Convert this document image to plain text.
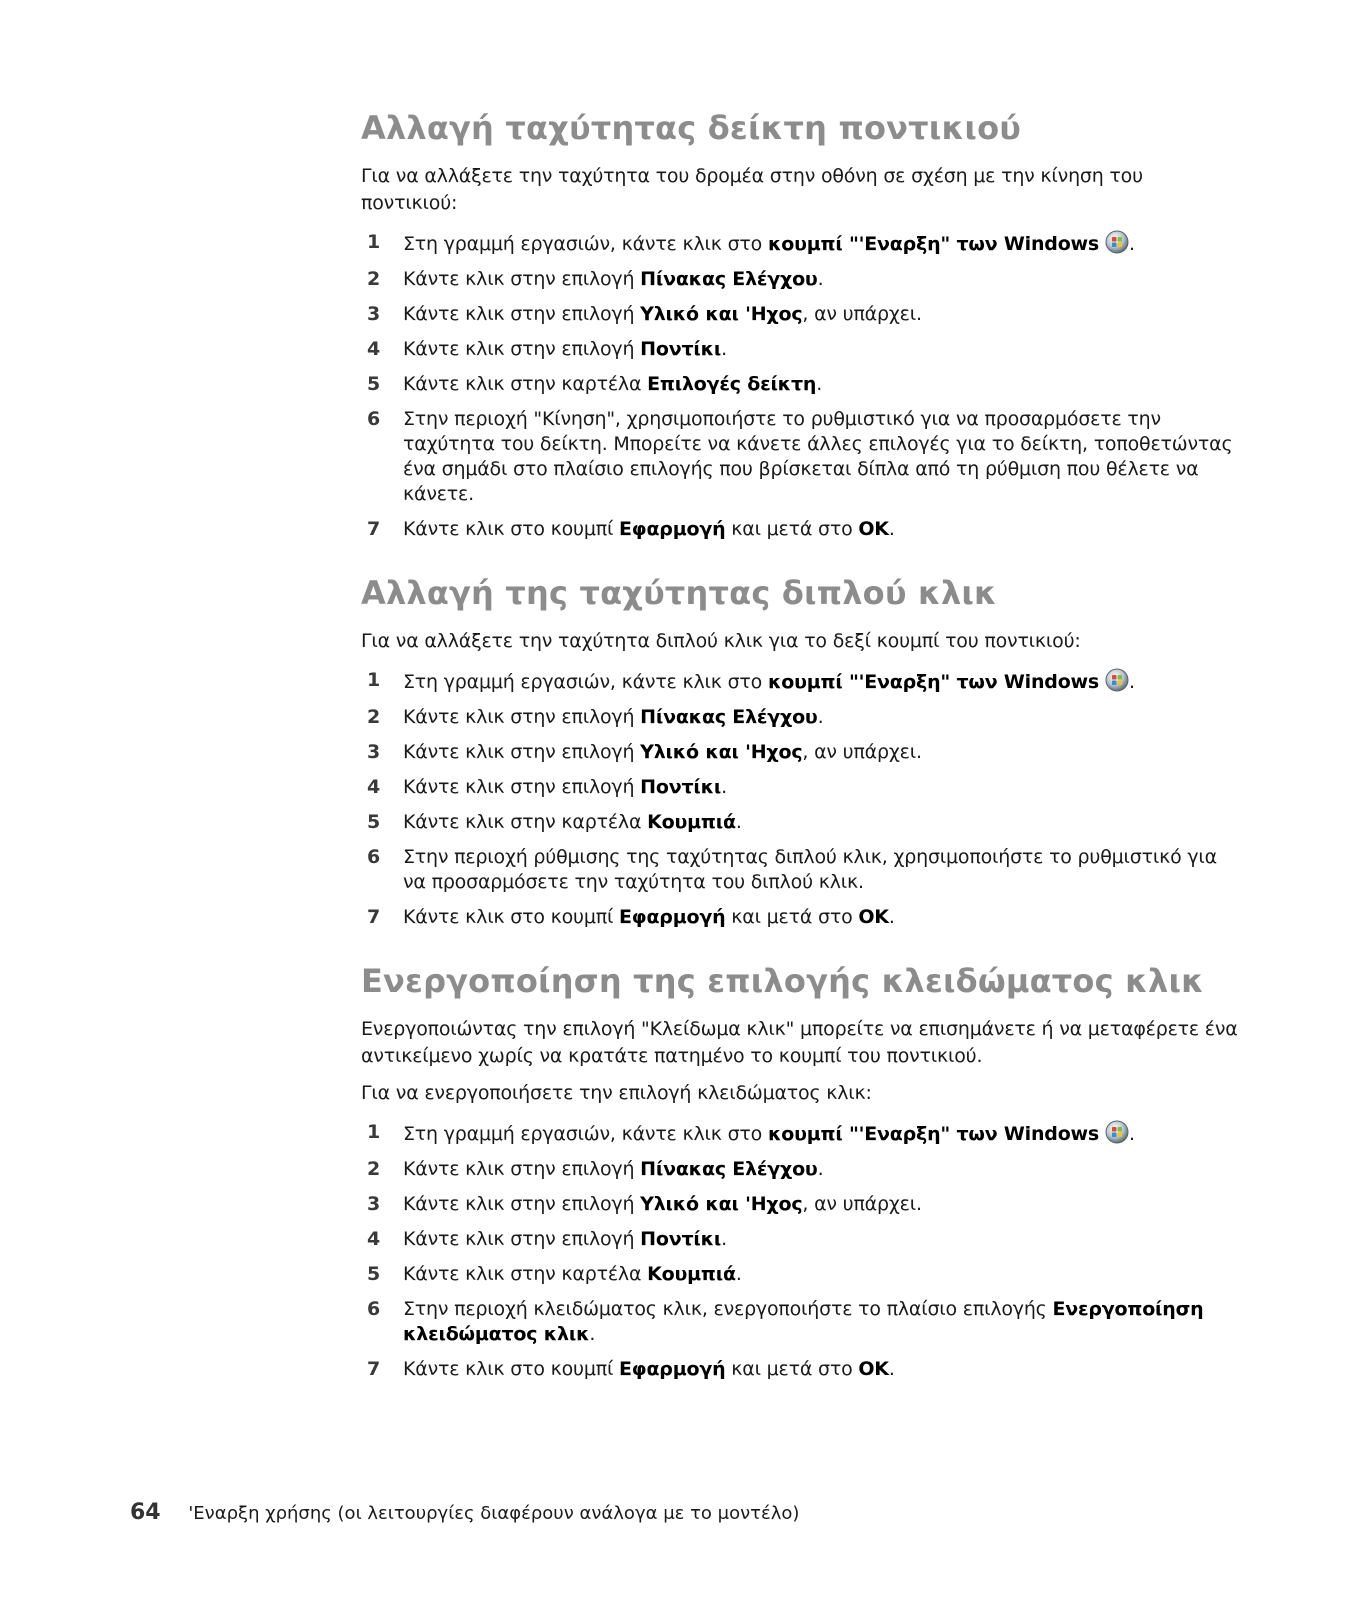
Αλλαγή ταχύτητας δείκτη ποντικιού

Για να αλλάξετε την ταχύτητα του δρομέα στην οθόνη σε σχέση με την κίνηση του ποντικιού:

1 Στη γραμμή εργασιών, κάντε κλικ στο κουμπί "'Εναρξη" των Windows .
2 Κάντε κλικ στην επιλογή Πίνακας Ελέγχου.
3 Κάντε κλικ στην επιλογή Υλικό και 'Ηχος, αν υπάρχει.
4 Κάντε κλικ στην επιλογή Ποντίκι.
5 Κάντε κλικ στην καρτέλα Επιλογές δείκτη.
6 Στην περιοχή "Κίνηση", χρησιμοποιήστε το ρυθμιστικό για να προσαρμόσετε την ταχύτητα του δείκτη. Μπορείτε να κάνετε άλλες επιλογές για το δείκτη, τοποθετώντας ένα σημάδι στο πλαίσιο επιλογής που βρίσκεται δίπλα από τη ρύθμιση που θέλετε να κάνετε.
7 Κάντε κλικ στο κουμπί Εφαρμογή και μετά στο OK.
Αλλαγή της ταχύτητας διπλού κλικ

Για να αλλάξετε την ταχύτητα διπλού κλικ για το δεξί κουμπί του ποντικιού:

1 Στη γραμμή εργασιών, κάντε κλικ στο κουμπί "'Εναρξη" των Windows .
2 Κάντε κλικ στην επιλογή Πίνακας Ελέγχου.
3 Κάντε κλικ στην επιλογή Υλικό και 'Ηχος, αν υπάρχει.
4 Κάντε κλικ στην επιλογή Ποντίκι.
5 Κάντε κλικ στην καρτέλα Κουμπιά.
6 Στην περιοχή ρύθμισης της ταχύτητας διπλού κλικ, χρησιμοποιήστε το ρυθμιστικό για να προσαρμόσετε την ταχύτητα του διπλού κλικ.
7 Κάντε κλικ στο κουμπί Εφαρμογή και μετά στο OK.
Ενεργοποίηση της επιλογής κλειδώματος κλικ

Ενεργοποιώντας την επιλογή "Κλείδωμα κλικ" μπορείτε να επισημάνετε ή να μεταφέρετε ένα αντικείμενο χωρίς να κρατάτε πατημένο το κουμπί του ποντικιού.

Για να ενεργοποιήσετε την επιλογή κλειδώματος κλικ:

1 Στη γραμμή εργασιών, κάντε κλικ στο κουμπί "'Εναρξη" των Windows .
2 Κάντε κλικ στην επιλογή Πίνακας Ελέγχου.
3 Κάντε κλικ στην επιλογή Υλικό και 'Ηχος, αν υπάρχει.
4 Κάντε κλικ στην επιλογή Ποντίκι.
5 Κάντε κλικ στην καρτέλα Κουμπιά.
6 Στην περιοχή κλειδώματος κλικ, ενεργοποιήστε το πλαίσιο επιλογής Ενεργοποίηση κλειδώματος κλικ.
7 Κάντε κλικ στο κουμπί Εφαρμογή και μετά στο OK.
64 'Εναρξη χρήσης (οι λειτουργίες διαφέρουν ανάλογα με το μοντέλο)
